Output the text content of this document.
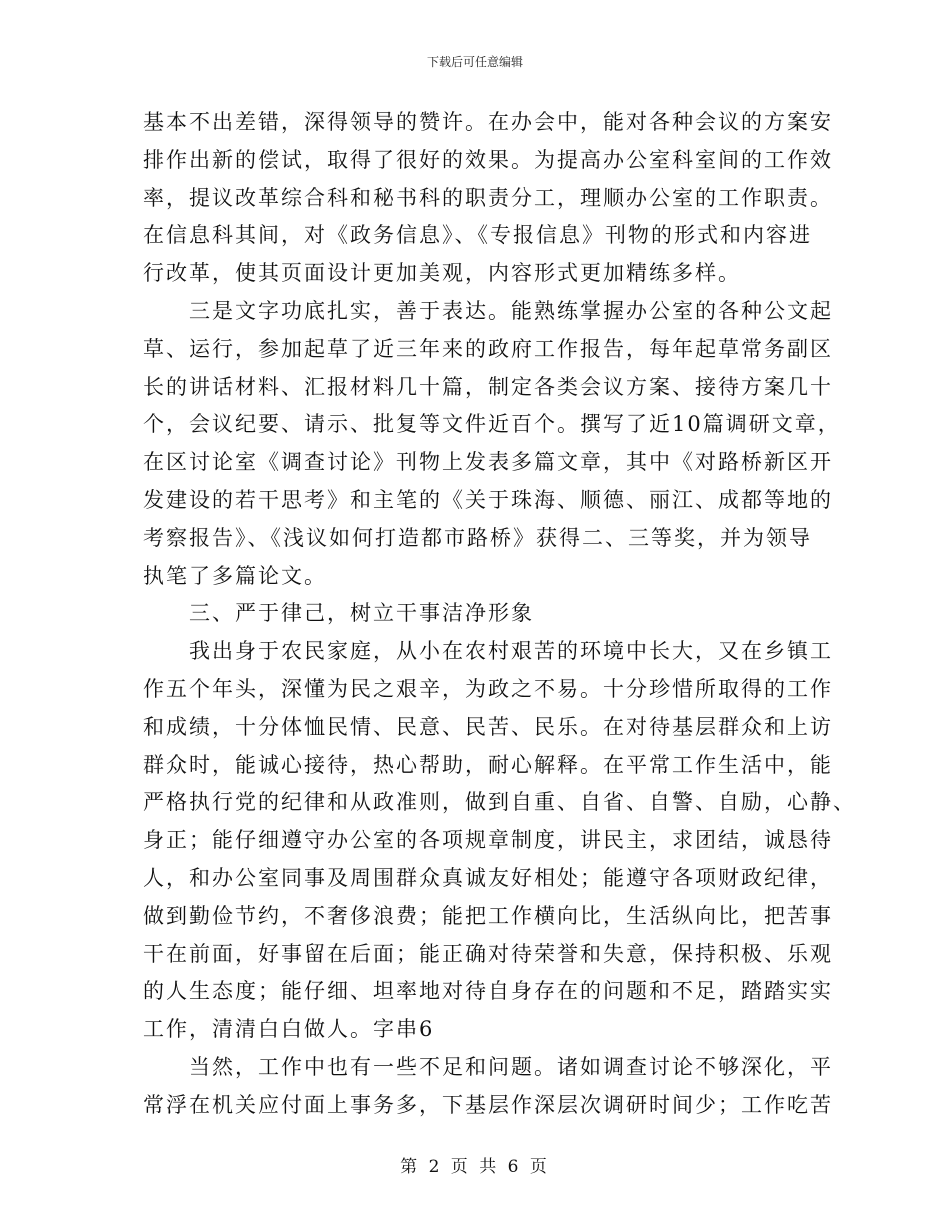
下载后可任意编辑
基本不出差错，深得领导的赞许。在办会中，能对各种会议的方案安
排作出新的偿试，取得了很好的效果。为提高办公室科室间的工作效
率，提议改革综合科和秘书科的职责分工，理顺办公室的工作职责。
在信息科其间，对《政务信息》、《专报信息》刊物的形式和内容进
行改革，使其页面设计更加美观，内容形式更加精练多样。
三是文字功底扎实，善于表达。能熟练掌握办公室的各种公文起
草、运行，参加起草了近三年来的政府工作报告，每年起草常务副区
长的讲话材料、汇报材料几十篇，制定各类会议方案、接待方案几十
个，会议纪要、请示、批复等文件近百个。撰写了近10篇调研文章，
在区讨论室《调查讨论》刊物上发表多篇文章，其中《对路桥新区开
发建设的若干思考》和主笔的《关于珠海、顺德、丽江、成都等地的
考察报告》、《浅议如何打造都市路桥》获得二、三等奖，并为领导
执笔了多篇论文。
三、严于律己，树立干事洁净形象
我出身于农民家庭，从小在农村艰苦的环境中长大，又在乡镇工
作五个年头，深懂为民之艰辛，为政之不易。十分珍惜所取得的工作
和成绩，十分体恤民情、民意、民苦、民乐。在对待基层群众和上访
群众时，能诚心接待，热心帮助，耐心解释。在平常工作生活中，能
严格执行党的纪律和从政准则，做到自重、自省、自警、自励，心静、
身正；能仔细遵守办公室的各项规章制度，讲民主，求团结，诚恳待
人，和办公室同事及周围群众真诚友好相处；能遵守各项财政纪律，
做到勤俭节约，不奢侈浪费；能把工作横向比，生活纵向比，把苦事
干在前面，好事留在后面；能正确对待荣誉和失意，保持积极、乐观
的人生态度；能仔细、坦率地对待自身存在的问题和不足，踏踏实实
工作，清清白白做人。字串6
当然，工作中也有一些不足和问题。诸如调查讨论不够深化，平
常浮在机关应付面上事务多，下基层作深层次调研时间少；工作吃苦
第 2 页 共 6 页
